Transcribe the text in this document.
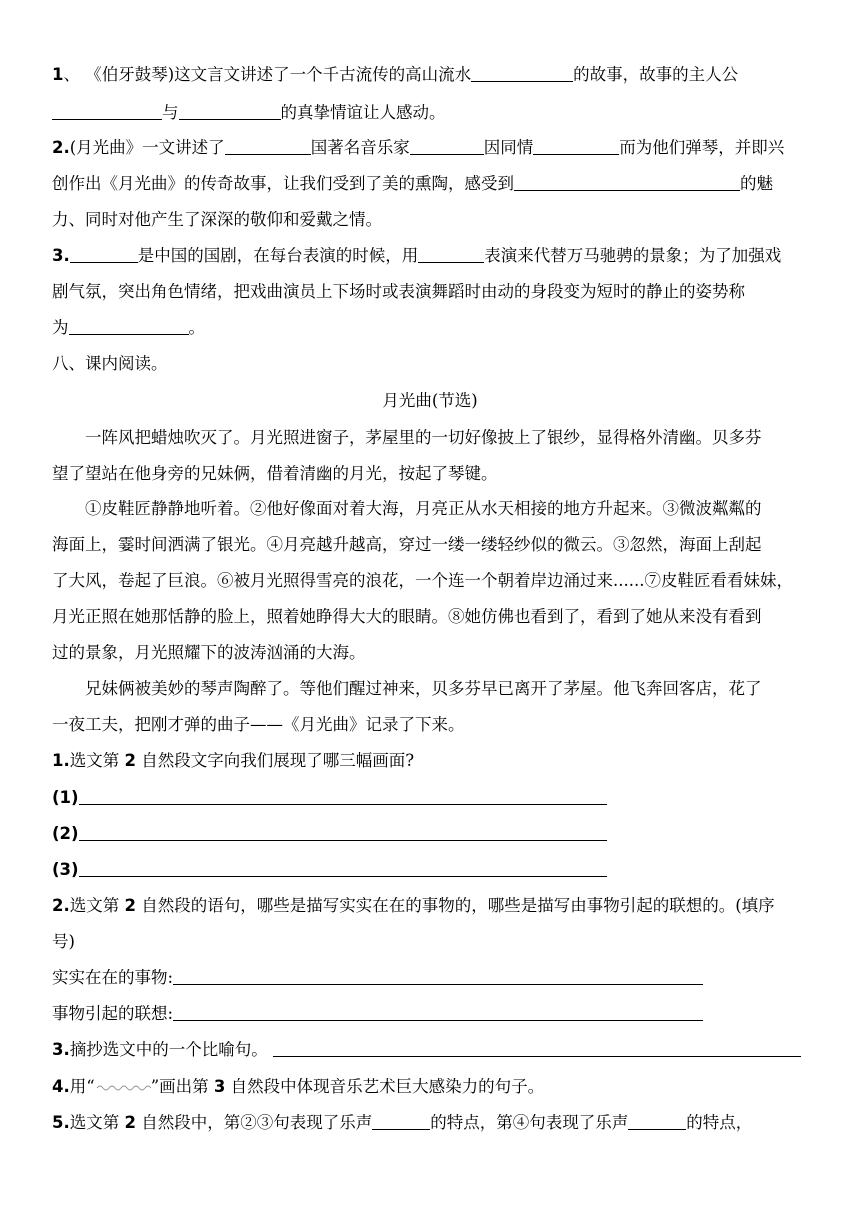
1、 《伯牙鼓琴)这文言文讲述了一个千古流传的高山流水	的故事，故事的主人公
与	的真挚情谊让人感动。
2.(月光曲》一文讲述了	国著名音乐家	因同情	而为他们弹琴，并即兴
创作出《月光曲》的传奇故事，让我们受到了美的熏陶，感受到	的魅
力、同时对他产生了深深的敬仰和爱戴之情。
3.	是中国的国剧，在每台表演的时候，用	表演来代替万马驰骋的景象；为了加强戏
剧气氛，突出角色情绪，把戏曲演员上下场时或表演舞蹈时由动的身段变为短时的静止的姿势称
为	。
八、课内阅读。
月光曲(节选)
一阵风把蜡烛吹灭了。月光照进窗子，茅屋里的一切好像披上了银纱，显得格外清幽。贝多芬
望了望站在他身旁的兄妹俩，借着清幽的月光，按起了琴键。
①皮鞋匠静静地听着。②他好像面对着大海，月亮正从水天相接的地方升起来。③微波粼粼的
海面上，霎时间洒满了银光。④月亮越升越高，穿过一缕一缕轻纱似的微云。③忽然，海面上刮起
了大风，卷起了巨浪。⑥被月光照得雪亮的浪花，一个连一个朝着岸边涌过来......⑦皮鞋匠看看妹妹，
月光正照在她那恬静的脸上，照着她睁得大大的眼睛。⑧她仿佛也看到了，看到了她从来没有看到
过的景象，月光照耀下的波涛汹涌的大海。
兄妹俩被美妙的琴声陶醉了。等他们醒过神来，贝多芬早已离开了茅屋。他飞奔回客店，花了
一夜工夫，把刚才弹的曲子——《月光曲》记录了下来。
1.选文第 2 自然段文字向我们展现了哪三幅画面?
(1)
(2)
(3)
2.选文第 2 自然段的语句，哪些是描写实实在在的事物的，哪些是描写由事物引起的联想的。(填序
号)
实实在在的事物:
事物引起的联想:
3.摘抄选文中的一个比喻句。
4.用“	”画出第 3 自然段中体现音乐艺术巨大感染力的句子。
5.选文第 2 自然段中，第②③句表现了乐声	的特点，第④句表现了乐声	的特点，
